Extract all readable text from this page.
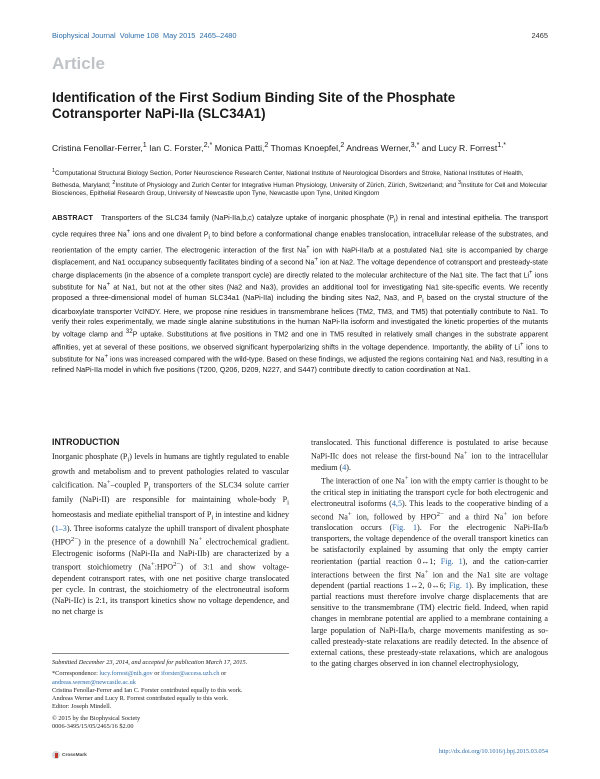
Biophysical Journal Volume 108 May 2015 2465–2480	2465
Article
Identification of the First Sodium Binding Site of the Phosphate Cotransporter NaPi-IIa (SLC34A1)
Cristina Fenollar-Ferrer,$^1$ Ian C. Forster,$^{2,*}$ Monica Patti,$^2$ Thomas Knoepfel,$^2$ Andreas Werner,$^{3,*}$ and Lucy R. Forrest$^{1,*}$
$^1$Computational Structural Biology Section, Porter Neuroscience Research Center, National Institute of Neurological Disorders and Stroke, National Institutes of Health, Bethesda, Maryland; $^2$Institute of Physiology and Zurich Center for Integrative Human Physiology, University of Zürich, Zürich, Switzerland; and $^3$Institute for Cell and Molecular Biosciences, Epithelial Research Group, University of Newcastle upon Tyne, Newcastle upon Tyne, United Kingdom
ABSTRACT Transporters of the SLC34 family (NaPi-IIa,b,c) catalyze uptake of inorganic phosphate $(P_i)$ in renal and intestinal epithelia. The transport cycle requires three Na+ ions and one divalent $P_i$ to bind before a conformational change enables translocation, intracellular release of the substrates, and reorientation of the empty carrier. The electrogenic interaction of the first Na+ ion with NaPi-IIa/b at a postulated Na1 site is accompanied by charge displacement, and Na1 occupancy subsequently facilitates binding of a second Na+ ion at Na2. The voltage dependence of cotransport and presteady-state charge displacements (in the absence of a complete transport cycle) are directly related to the molecular architecture of the Na1 site. The fact that Li+ ions substitute for Na+ at Na1, but not at the other sites (Na2 and Na3), provides an additional tool for investigating Na1 site-specific events. We recently proposed a three-dimensional model of human SLC34a1 (NaPi-IIa) including the binding sites Na2, Na3, and $P_i$ based on the crystal structure of the dicarboxylate transporter VcINDY. Here, we propose nine residues in transmembrane helices (TM2, TM3, and TM5) that potentially contribute to Na1. To verify their roles experimentally, we made single alanine substitutions in the human NaPi-IIa isoform and investigated the kinetic properties of the mutants by voltage clamp and $^{32}$P uptake. Substitutions at five positions in TM2 and one in TM5 resulted in relatively small changes in the substrate apparent affinities, yet at several of these positions, we observed significant hyperpolarizing shifts in the voltage dependence. Importantly, the ability of Li+ ions to substitute for Na+ ions was increased compared with the wild-type. Based on these findings, we adjusted the regions containing Na1 and Na3, resulting in a refined NaPi-IIa model in which five positions (T200, Q206, D209, N227, and S447) contribute directly to cation coordination at Na1.
INTRODUCTION

Inorganic phosphate $(P_i)$ levels in humans are tightly regulated to enable growth and metabolism and to prevent pathologies related to vascular calcification. Na+–coupled $P_i$ transporters of the SLC34 solute carrier family (NaPi-II) are responsible for maintaining whole-body $P_i$ homeostasis and mediate epithelial transport of $P_i$ in intestine and kidney (1–3). Three isoforms catalyze the uphill transport of divalent phosphate $(HPO^{2-})$ in the presence of a downhill Na+ electrochemical gradient. Electrogenic isoforms (NaPi-IIa and NaPi-IIb) are characterized by a transport stoichiometry $(Na^+:HPO^{2-})$ of 3:1 and show voltage-dependent cotransport rates, with one net positive charge translocated per cycle. In contrast, the stoichiometry of the electroneutral isoform (NaPi-IIc) is 2:1, its transport kinetics show no voltage dependence, and no net charge is

translocated. This functional difference is postulated to arise because NaPi-IIc does not release the first-bound Na+ ion to the intracellular medium (4).

The interaction of one Na+ ion with the empty carrier is thought to be the critical step in initiating the transport cycle for both electrogenic and electroneutral isoforms (4,5). This leads to the cooperative binding of a second Na+ ion, followed by $HPO^{2-}$ and a third Na+ ion before translocation occurs (Fig. 1). For the electrogenic NaPi-IIa/b transporters, the voltage dependence of the overall transport kinetics can be satisfactorily explained by assuming that only the empty carrier reorientation (partial reaction 0↔1; Fig. 1), and the cation-carrier interactions between the first Na+ ion and the Na1 site are voltage dependent (partial reactions 1↔2, 0↔6; Fig. 1). By implication, these partial reactions must therefore involve charge displacements that are sensitive to the transmembrane (TM) electric field. Indeed, when rapid changes in membrane potential are applied to a membrane containing a large population of NaPi-IIa/b, charge movements manifesting as so-called presteady-state relaxations are readily detected. In the absence of external cations, these presteady-state relaxations, which are analogous to the gating charges observed in ion channel electrophysiology,

Submitted December 23, 2014, and accepted for publication March 17, 2015.
*Correspondence: lucy.forrest@nih.gov or iforster@access.uzh.ch or andreas.werner@newcastle.ac.uk
Cristina Fenollar-Ferrer and Ian C. Forster contributed equally to this work.
Andreas Werner and Lucy R. Forrest contributed equally to this work.
Editor: Joseph Mindell.
© 2015 by the Biophysical Society
0006-3495/15/05/2465/16 $2.00
CrossMark	http://dx.doi.org/10.1016/j.bpj.2015.03.054
